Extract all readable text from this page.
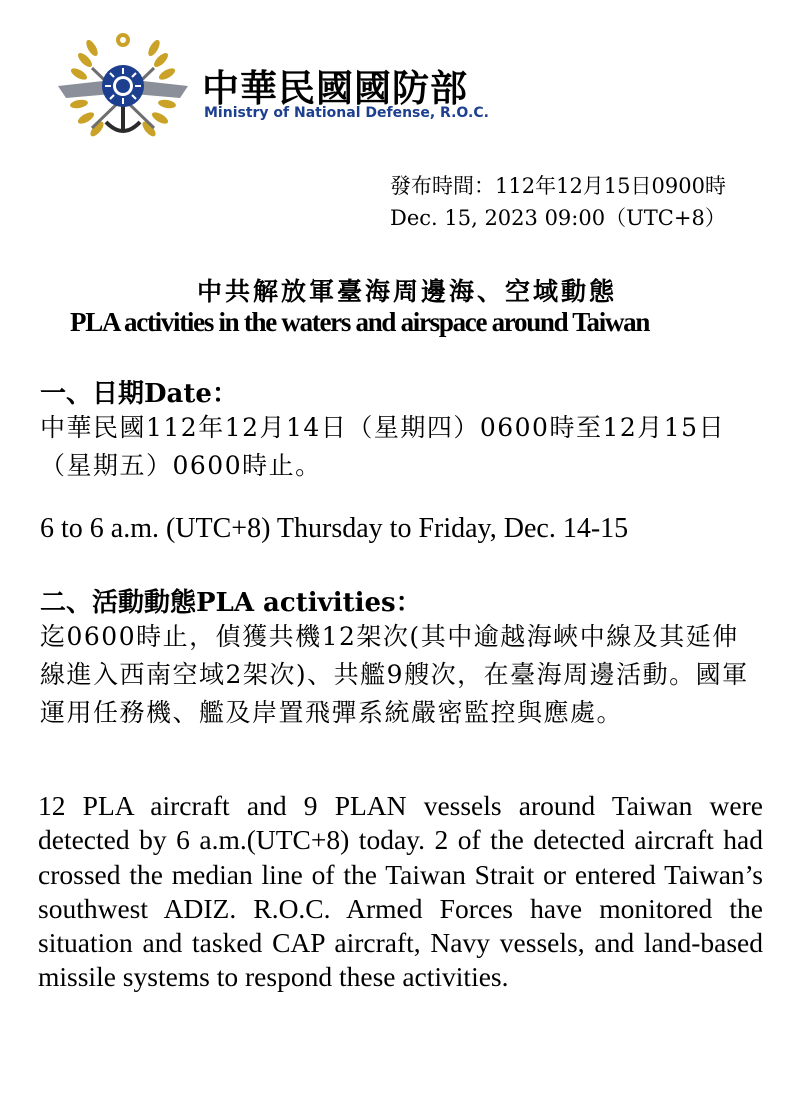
中華民國國防部
Ministry of National Defense, R.O.C.
發布時間：112年12月15日0900時
Dec. 15, 2023 09:00（UTC+8）
中共解放軍臺海周邊海、空域動態
PLA activities in the waters and airspace around Taiwan
一、日期Date：
中華民國112年12月14日（星期四）0600時至12月15日（星期五）0600時止。
6 to 6 a.m. (UTC+8) Thursday to Friday, Dec. 14-15
二、活動動態PLA activities：
迄0600時止，偵獲共機12架次(其中逾越海峽中線及其延伸線進入西南空域2架次)、共艦9艘次，在臺海周邊活動。國軍運用任務機、艦及岸置飛彈系統嚴密監控與應處。
12 PLA aircraft and 9 PLAN vessels around Taiwan were detected by 6 a.m.(UTC+8) today. 2 of the detected aircraft had crossed the median line of the Taiwan Strait or entered Taiwan’s southwest ADIZ. R.O.C. Armed Forces have monitored the situation and tasked CAP aircraft, Navy vessels, and land-based missile systems to respond these activities.
